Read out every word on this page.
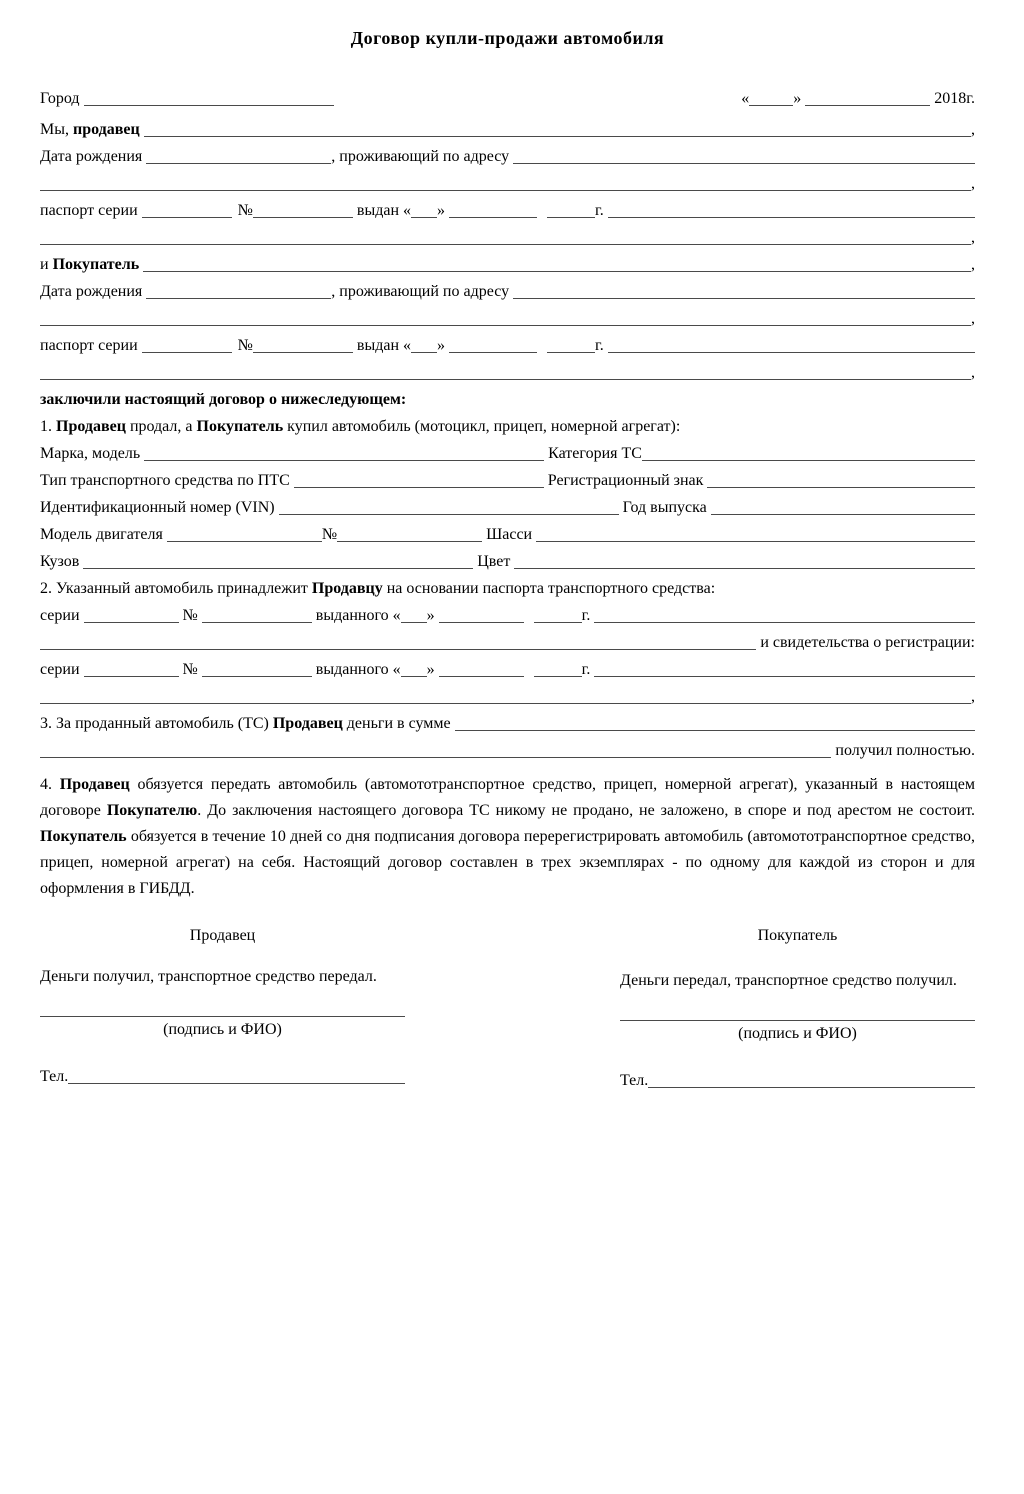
Договор купли-продажи автомобиля
Город	«	»	2018г.
Мы, продавец	,
Дата рождения	, проживающий по адресу
,
паспорт серии	№	выдан « »	г.
,
и Покупатель	,
Дата рождения	, проживающий по адресу
,
паспорт серии	№	выдан « »	г.
,
заключили настоящий договор о нижеследующем:
1. Продавец продал, а Покупатель купил автомобиль (мотоцикл, прицеп, номерной агрегат):
Марка, модель	Категория ТС
Тип транспортного средства по ПТС	Регистрационный знак
Идентификационный номер (VIN)	Год выпуска
Модель двигателя	№	Шасси
Кузов	Цвет
2. Указанный автомобиль принадлежит Продавцу на основании паспорта транспортного средства:
серии	№	выданного « »	г.
и свидетельства о регистрации:
серии	№	выданного « »	г.
,
3. За проданный автомобиль (ТС) Продавец деньги в сумме
получил полностью.

4. Продавец обязуется передать автомобиль (автомототранспортное средство, прицеп, номерной агрегат), указанный в настоящем договоре Покупателю. До заключения настоящего договора ТС никому не продано, не заложено, в споре и под арестом не состоит. Покупатель обязуется в течение 10 дней со дня подписания договора перерегистрировать автомобиль (автомототранспортное средство, прицеп, номерной агрегат) на себя. Настоящий договор составлен в трех экземплярах - по одному для каждой из сторон и для оформления в ГИБДД.

Продавец
Деньги получил, транспортное средство передал.
(подпись и ФИО)
Тел.
Покупатель
Деньги передал, транспортное средство получил.
(подпись и ФИО)
Тел.
